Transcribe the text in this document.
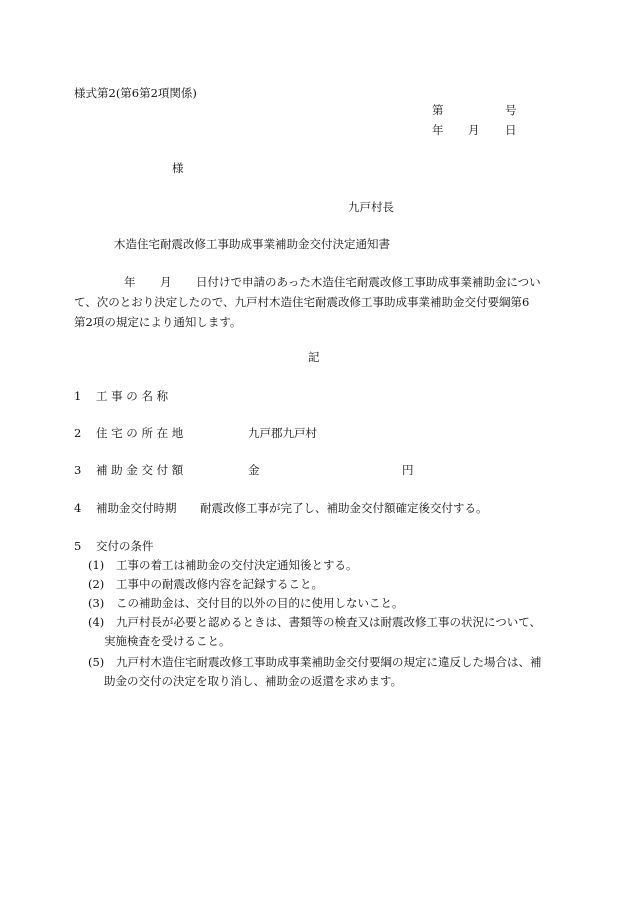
様式第2(第6第2項関係)
第	号
年 月 日
様
九戸村長
木造住宅耐震改修工事助成事業補助金交付決定通知書
年 月 日付けで申請のあった木造住宅耐震改修工事助成事業補助金につい
て、次のとおり決定したので、九戸村木造住宅耐震改修工事助成事業補助金交付要綱第6
第2項の規定により通知します。
記
1 工 事 の 名 称
2 住 宅 の 所 在 地	九戸郡九戸村
3 補 助 金 交 付 額	金	円
4 補助金交付時期 耐震改修工事が完了し、補助金交付額確定後交付する。
5 交付の条件
(1) 工事の着工は補助金の交付決定通知後とする。
(2) 工事中の耐震改修内容を記録すること。
(3) この補助金は、交付目的以外の目的に使用しないこと。
(4) 九戸村長が必要と認めるときは、書類等の検査又は耐震改修工事の状況について、
実施検査を受けること。
(5) 九戸村木造住宅耐震改修工事助成事業補助金交付要綱の規定に違反した場合は、補
助金の交付の決定を取り消し、補助金の返還を求めます。
